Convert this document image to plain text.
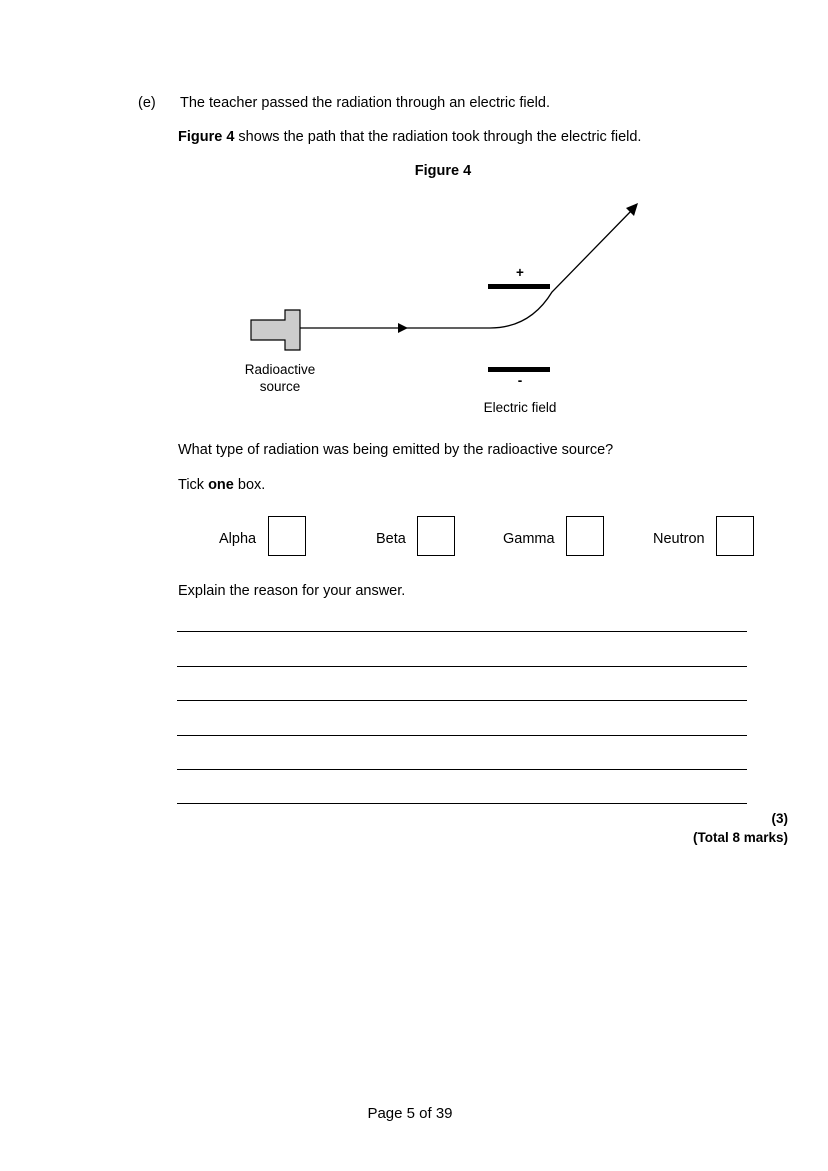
(e) The teacher passed the radiation through an electric field.
Figure 4 shows the path that the radiation took through the electric field.
Figure 4
+
-
Radioactive
source
Electric field
What type of radiation was being emitted by the radioactive source?
Tick one box.
Alpha	Beta	Gamma	Neutron
Explain the reason for your answer.
(3)
(Total 8 marks)
Page 5 of 39
